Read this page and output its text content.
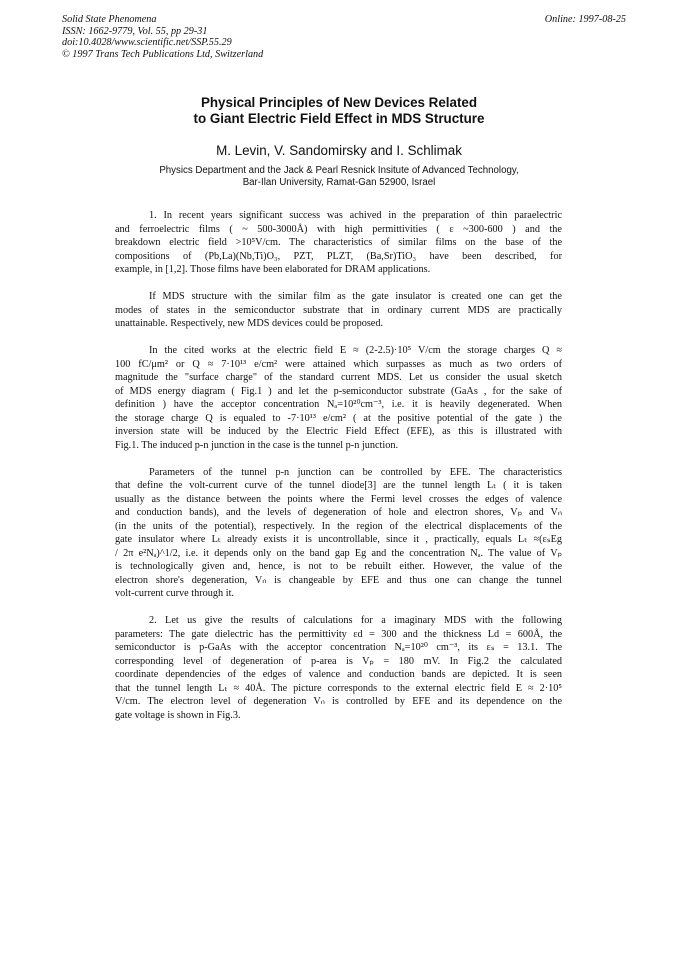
Solid State Phenomena
ISSN: 1662-9779, Vol. 55, pp 29-31
doi:10.4028/www.scientific.net/SSP.55.29
© 1997 Trans Tech Publications Ltd, Switzerland
Online: 1997-08-25
Physical Principles of New Devices Related
to Giant Electric Field Effect in MDS Structure
M. Levin, V. Sandomirsky and I. Schlimak
Physics Department and the Jack & Pearl Resnick Insitute of Advanced Technology,
Bar-Ilan University, Ramat-Gan 52900, Israel
1. In recent years significant success was achived in the preparation of thin paraelectric
and ferroelectric films ( ~ 500-3000Å) with high permittivities ( ε ~300-600 ) and the
breakdown electric field >10⁵V/cm. The characteristics of similar films on the base of the
compositions of (Pb,La)(Nb,Ti)O₃, PZT, PLZT, (Ba,Sr)TiO₃ have been described, for
example, in [1,2]. Those films have been elaborated for DRAM applications.
If MDS structure with the similar film as the gate insulator is created one can get the
modes of states in the semiconductor substrate that in ordinary current MDS are practically
unattainable. Respectively, new MDS devices could be proposed.
In the cited works at the electric field E ≈ (2-2.5)·10⁵ V/cm the storage charges Q ≈
100 fC/μm² or Q ≈ 7·10¹³ e/cm² were attained which surpasses as much as two orders of
magnitude the "surface charge" of the standard current MDS. Let us consider the usual sketch
of MDS energy diagram ( Fig.1 ) and let the p-semiconductor substrate (GaAs , for the sake of
definition ) have the acceptor concentration Nₐ=10²⁰cm⁻³, i.e. it is heavily degenerated. When
the storage charge Q is equaled to -7·10¹³ e/cm² ( at the positive potential of the gate ) the
inversion state will be induced by the Electric Field Effect (EFE), as this is illustrated with
Fig.1. The induced p-n junction in the case is the tunnel p-n junction.
Parameters of the tunnel p-n junction can be controlled by EFE. The characteristics
that define the volt-current curve of the tunnel diode[3] are the tunnel length Lₜ ( it is taken
usually as the distance between the points where the Fermi level crosses the edges of valence
and conduction bands), and the levels of degeneration of hole and electron shores, Vₚ and Vₙ
(in the units of the potential), respectively. In the region of the electrical displacements of the
gate insulator where Lₜ already exists it is uncontrollable, since it , practically, equals Lₜ ≈(εₛEg
/ 2π e²Nₐ)^1/2, i.e. it depends only on the band gap Eg and the concentration Nₐ. The value of Vₚ
is technologically given and, hence, is not to be rebuilt either. However, the value of the
electron shore's degeneration, Vₙ is changeable by EFE and thus one can change the tunnel
volt-current curve through it.
2. Let us give the results of calculations for a imaginary MDS with the following
parameters: The gate dielectric has the permittivity εd = 300 and the thickness Ld = 600Å, the
semiconductor is p-GaAs with the acceptor concentration Nₐ=10²⁰ cm⁻³, its εₛ = 13.1. The
corresponding level of degeneration of p-area is Vₚ = 180 mV. In Fig.2 the calculated
coordinate dependencies of the edges of valence and conduction bands are depicted. It is seen
that the tunnel length Lₜ ≈ 40Å. The picture corresponds to the external electric field E ≈ 2·10⁵
V/cm. The electron level of degeneration Vₙ is controlled by EFE and its dependence on the
gate voltage is shown in Fig.3.
